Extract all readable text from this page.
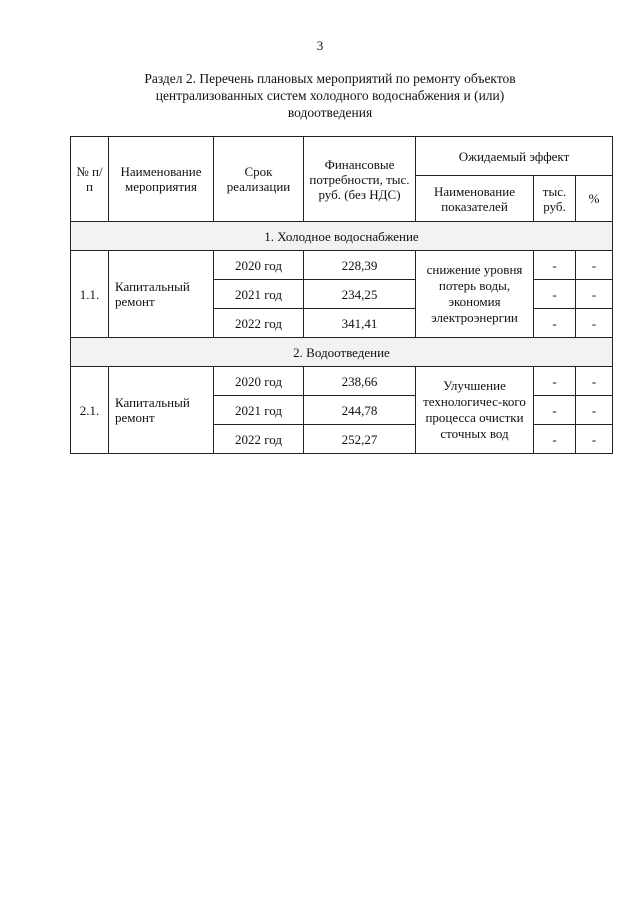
3
Раздел 2. Перечень плановых мероприятий по ремонту объектов
централизованных систем холодного водоснабжения и (или)
водоотведения
№ п/п	Наименование мероприятия	Срок реализации	Финансовые потребности, тыс. руб. (без НДС)	Ожидаемый эффект		
				Наименование показателей	тыс. руб.	%
1. Холодное водоснабжение						
1.1.	Капитальный ремонт	2020 год	228,39	снижение уровня потерь воды, экономия электроэнергии	-	-
		2021 год	234,25		-	-
		2022 год	341,41		-	-
2. Водоотведение						
2.1.	Капитальный ремонт	2020 год	238,66	Улучшение технологичес-кого процесса очистки сточных вод	-	-
		2021 год	244,78		-	-
		2022 год	252,27		-	-
